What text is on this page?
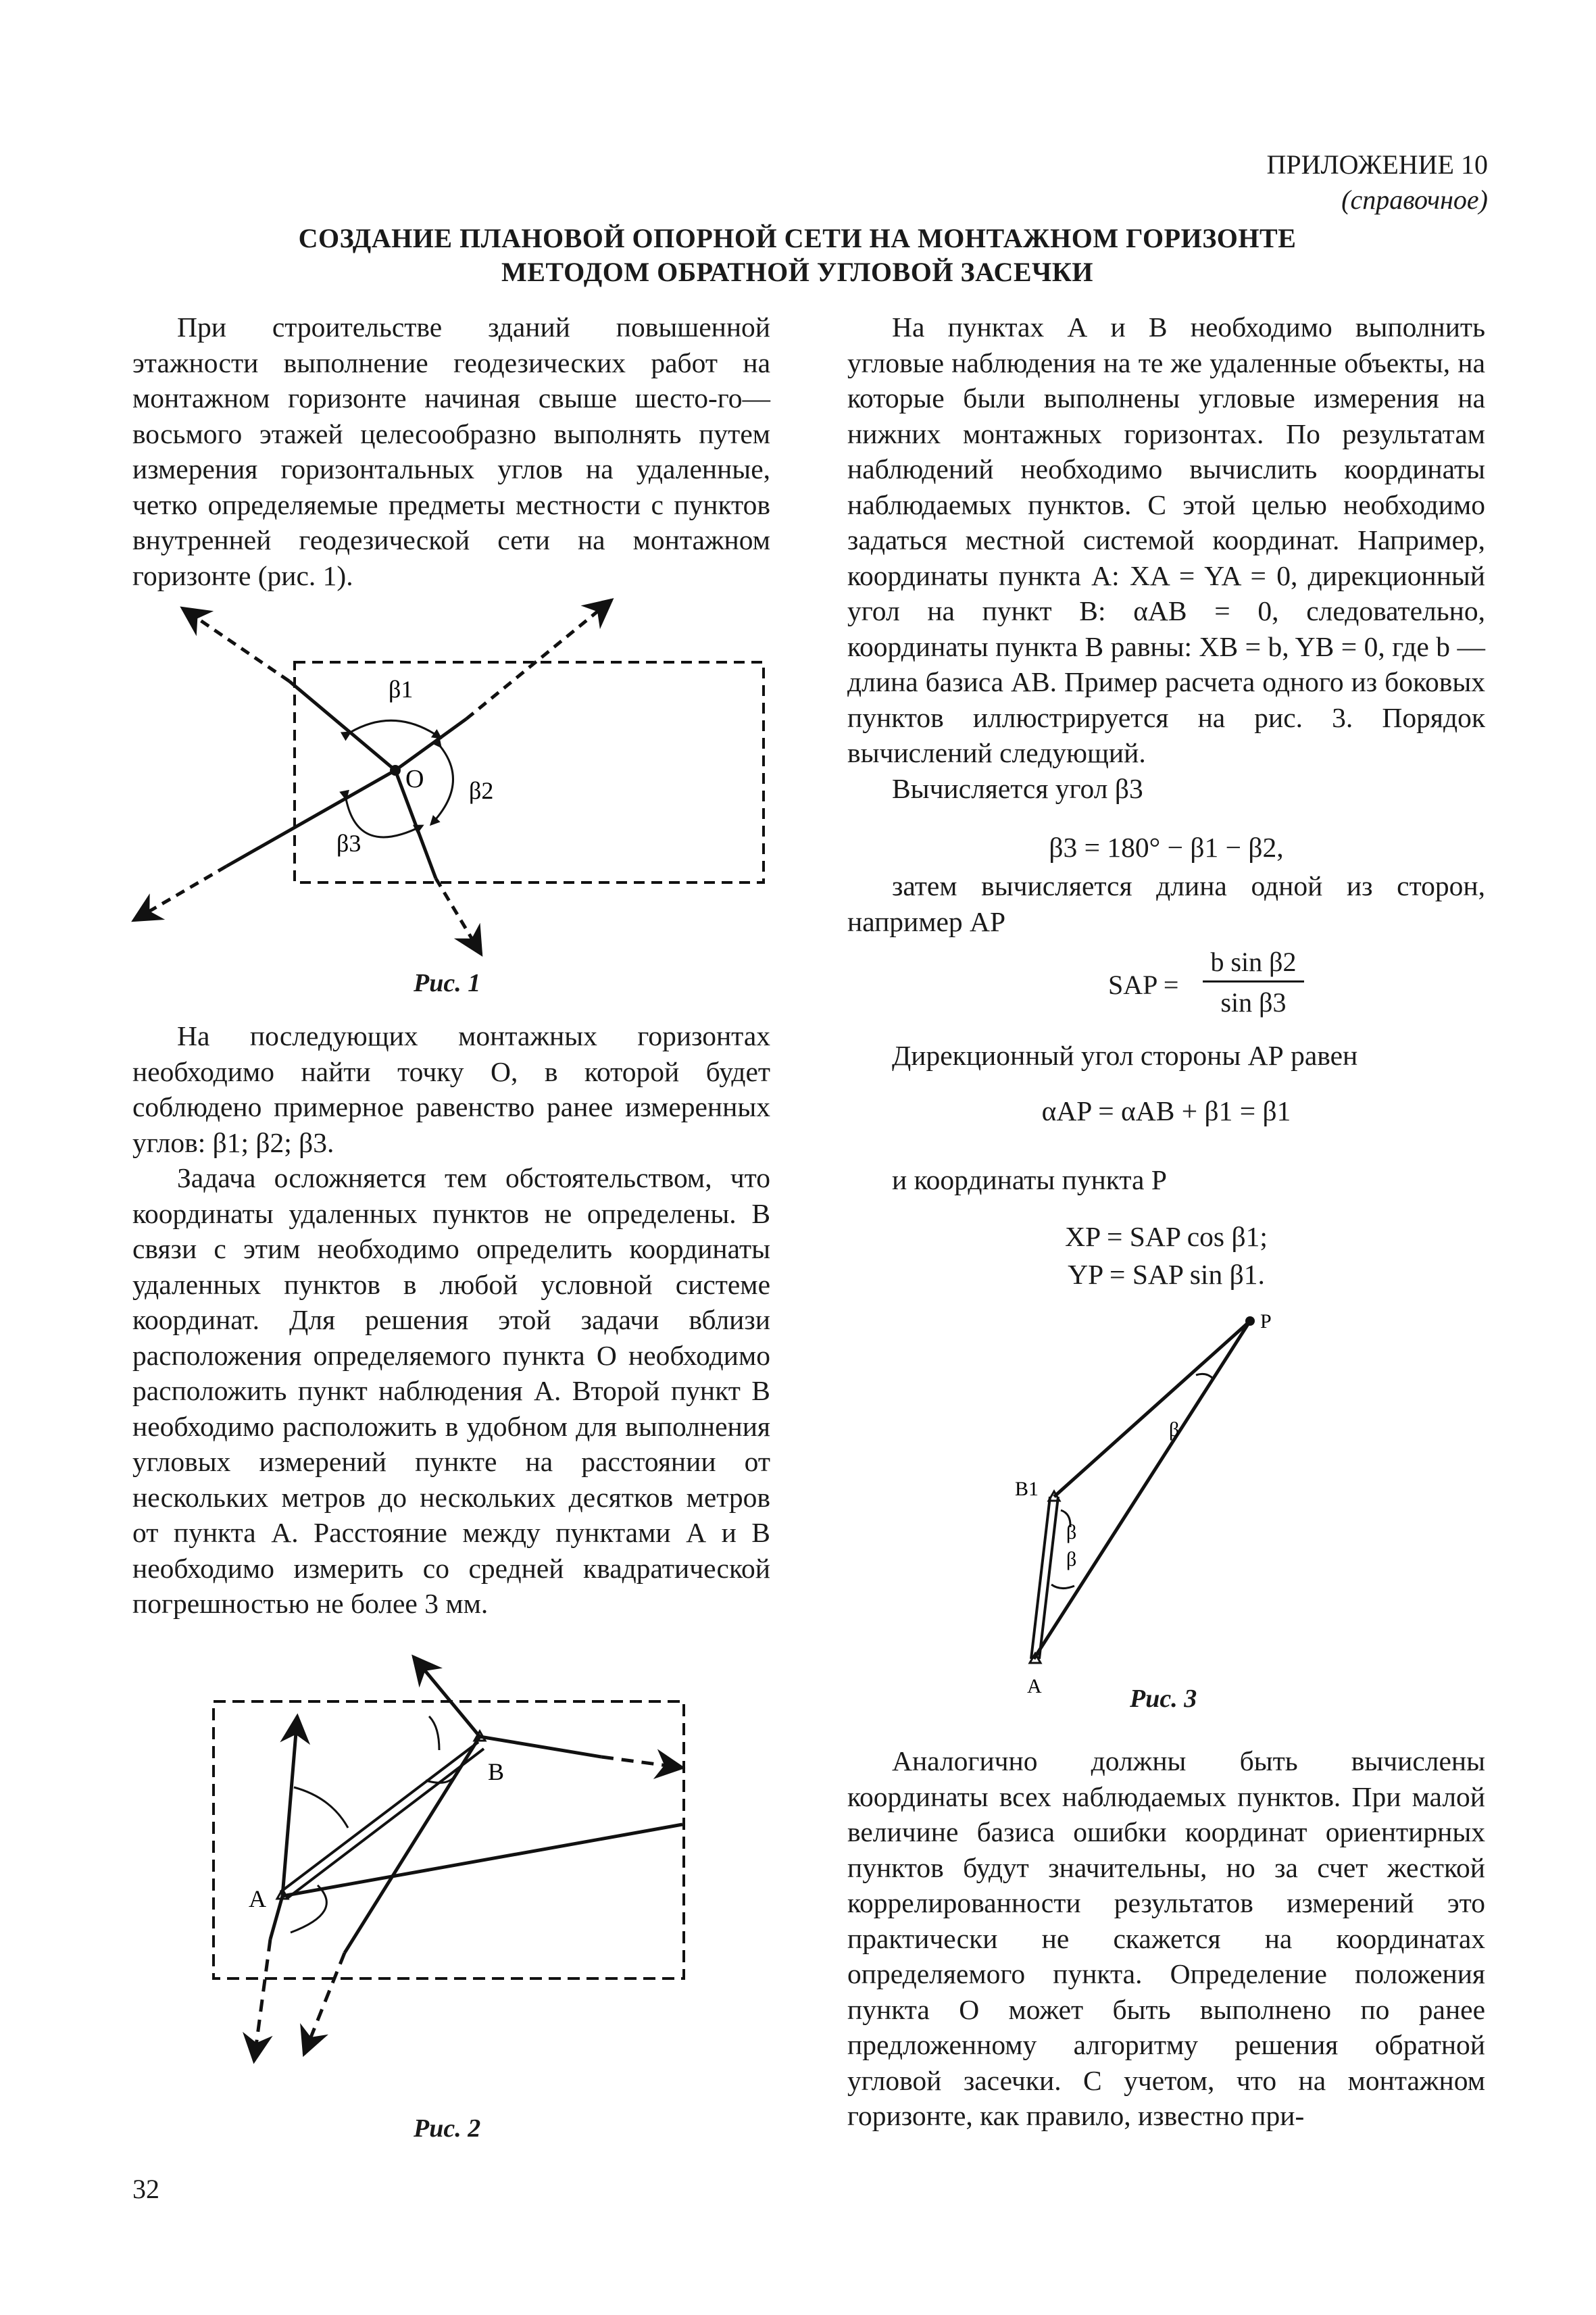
ПРИЛОЖЕНИЕ 10
(справочное)
СОЗДАНИЕ ПЛАНОВОЙ ОПОРНОЙ СЕТИ НА МОНТАЖНОМ ГОРИЗОНТЕ
МЕТОДОМ ОБРАТНОЙ УГЛОВОЙ ЗАСЕЧКИ

При строительстве зданий повышенной этажности выполнение геодезических работ на монтажном горизонте начиная свыше шесто-го—восьмого этажей целесообразно выполнять путем измерения горизонтальных углов на удаленные, четко определяемые предметы местности с пунктов внутренней геодезической сети на монтажном горизонте (рис. 1).

О
β1
β2
β3
Рис. 1

На последующих монтажных горизонтах необходимо найти точку О, в которой будет соблюдено примерное равенство ранее измеренных углов: β1; β2; β3.

Задача осложняется тем обстоятельством, что координаты удаленных пунктов не определены. В связи с этим необходимо определить координаты удаленных пунктов в любой условной системе координат. Для решения этой задачи вблизи расположения определяемого пункта О необходимо расположить пункт наблюдения А. Второй пункт В необходимо расположить в удобном для выполнения угловых измерений пункте на расстоянии от нескольких метров до нескольких десятков метров от пункта А. Расстояние между пунктами А и В необходимо измерить со средней квадратической погрешностью не более 3 мм.

А
В
Рис. 2

На пунктах А и В необходимо выполнить угловые наблюдения на те же удаленные объекты, на которые были выполнены угловые измерения на нижних монтажных горизонтах. По результатам наблюдений необходимо вычислить координаты наблюдаемых пунктов. С этой целью необходимо задаться местной системой координат. Например, координаты пункта А: XA = YA = 0, дирекционный угол на пункт В: αAB = 0, следовательно, координаты пункта В равны: XB = b, YB = 0, где b — длина базиса АВ. Пример расчета одного из боковых пунктов иллюстрируется на рис. 3. Порядок вычислений следующий.

Вычисляется угол β3

β3 = 180° − β1 − β2,

затем вычисляется длина одной из сторон, например АР

SAP =
b sin β2
sin β3

Дирекционный угол стороны АР равен

αAP = αAB + β1 = β1

и координаты пункта Р

XP = SAP cos β1;
YP = SAP sin β1.
P
А
B1
β
β
β
Рис. 3

Аналогично должны быть вычислены координаты всех наблюдаемых пунктов. При малой величине базиса ошибки координат ориентирных пунктов будут значительны, но за счет жесткой коррелированности результатов измерений это практически не скажется на координатах определяемого пункта. Определение положения пункта О может быть выполнено по ранее предложенному алгоритму решения обратной угловой засечки. С учетом, что на монтажном горизонте, как правило, известно при-

32
